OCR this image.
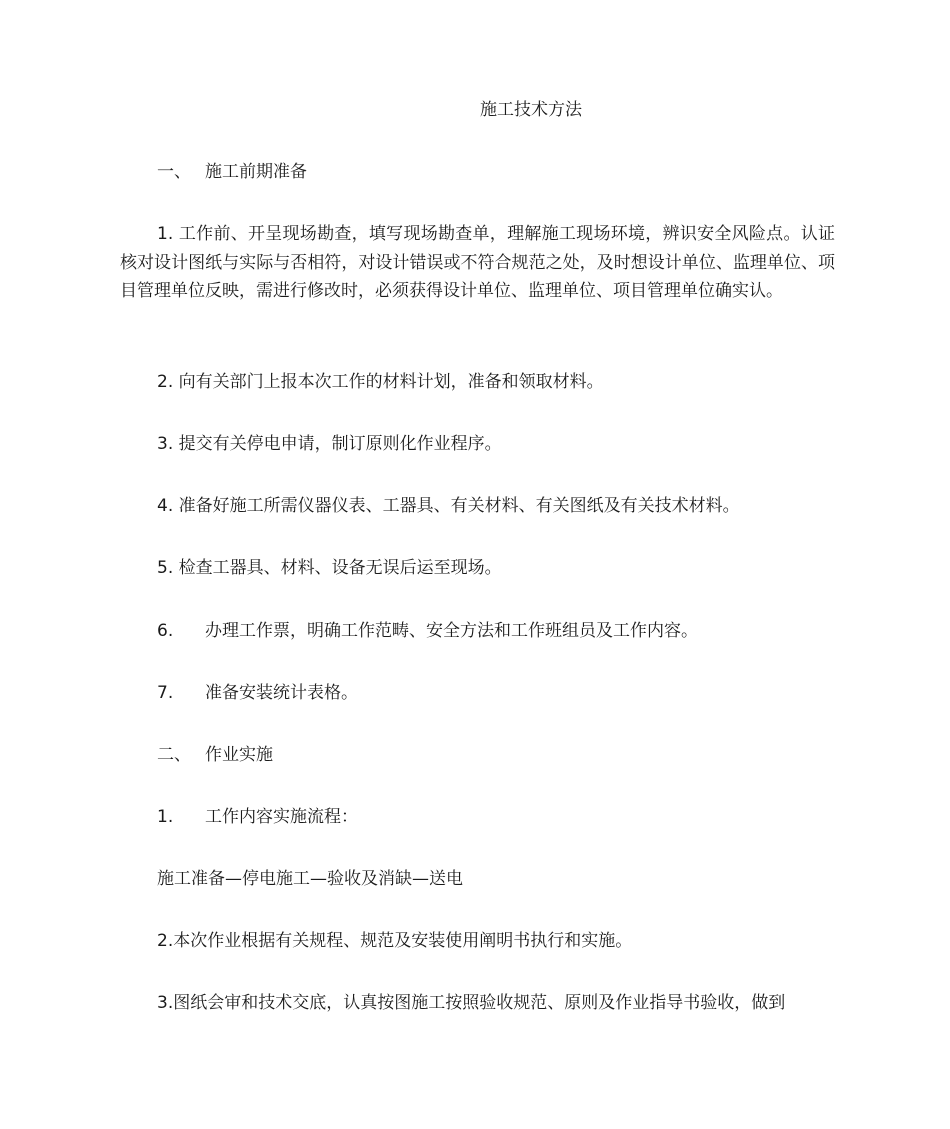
施工技术方法
一、 施工前期准备
1. 工作前、开呈现场勘查，填写现场勘查单，理解施工现场环境，辨识安全风险点。认证核对设计图纸与实际与否相符，对设计错误或不符合规范之处，及时想设计单位、监理单位、项目管理单位反映，需进行修改时，必须获得设计单位、监理单位、项目管理单位确实认。
2. 向有关部门上报本次工作的材料计划，准备和领取材料。
3. 提交有关停电申请，制订原则化作业程序。
4. 准备好施工所需仪器仪表、工器具、有关材料、有关图纸及有关技术材料。
5. 检查工器具、材料、设备无误后运至现场。
6. 办理工作票，明确工作范畴、安全方法和工作班组员及工作内容。
7. 准备安装统计表格。
二、 作业实施
1. 工作内容实施流程：
施工准备—停电施工—验收及消缺—送电
2.本次作业根据有关规程、规范及安装使用阐明书执行和实施。
3.图纸会审和技术交底，认真按图施工按照验收规范、原则及作业指导书验收，做到
